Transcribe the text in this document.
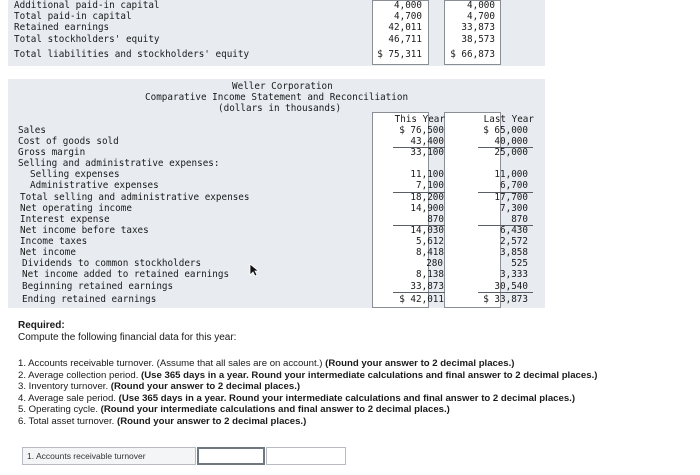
Additional paid-in capital	4,000	4,000
Total paid-in capital	4,700	4,700
Retained earnings	42,011	33,873
Total stockholders' equity	46,711	38,573
Total liabilities and stockholders' equity	$ 75,311	$ 66,873
Weller Corporation
Comparative Income Statement and Reconciliation
(dollars in thousands)
This Year	Last Year
Sales	$ 76,500	$ 65,000
Cost of goods sold	43,400	40,000
Gross margin	33,100	25,000
Selling and administrative expenses:
Selling expenses	11,100	11,000
Administrative expenses	7,100	6,700
Total selling and administrative expenses	18,200	17,700
Net operating income	14,900	7,300
Interest expense	870	870
Net income before taxes	14,030	6,430
Income taxes	5,612	2,572
Net income	8,418	3,858
Dividends to common stockholders	280	525
Net income added to retained earnings	8,138	3,333
Beginning retained earnings	33,873	30,540
Ending retained earnings	$ 42,011	$ 33,873
Required:
Compute the following financial data for this year:
1. Accounts receivable turnover. (Assume that all sales are on account.) (Round your answer to 2 decimal places.)
2. Average collection period. (Use 365 days in a year. Round your intermediate calculations and final answer to 2 decimal places.)
3. Inventory turnover. (Round your answer to 2 decimal places.)
4. Average sale period. (Use 365 days in a year. Round your intermediate calculations and final answer to 2 decimal places.)
5. Operating cycle. (Round your intermediate calculations and final answer to 2 decimal places.)
6. Total asset turnover. (Round your answer to 2 decimal places.)
1. Accounts receivable turnover
